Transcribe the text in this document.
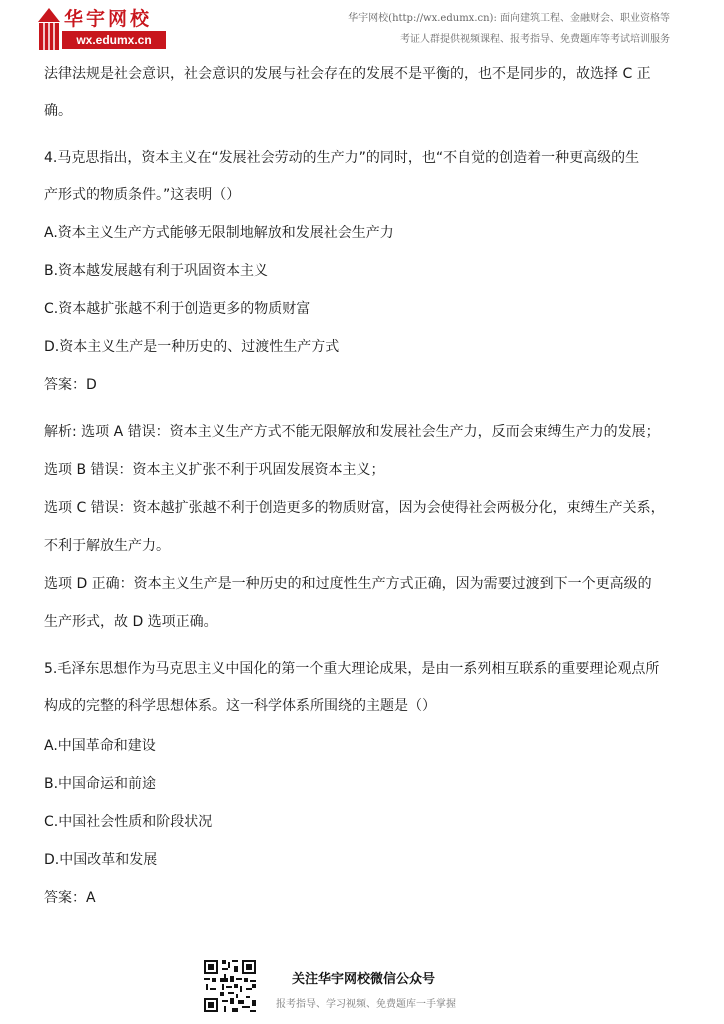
华宇网校
wx.edumx.cn
华宇网校(http://wx.edumx.cn): 面向建筑工程、金融财会、职业资格等
考证人群提供视频课程、报考指导、免费题库等考试培训服务

法律法规是社会意识，社会意识的发展与社会存在的发展不是平衡的，也不是同步的，故选择 C 正

确。

4.马克思指出，资本主义在“发展社会劳动的生产力”的同时，也“不自觉的创造着一种更高级的生

产形式的物质条件。”这表明（）

A.资本主义生产方式能够无限制地解放和发展社会生产力

B.资本越发展越有利于巩固资本主义

C.资本越扩张越不利于创造更多的物质财富

D.资本主义生产是一种历史的、过渡性生产方式

答案：D

解析: 选项 A 错误：资本主义生产方式不能无限解放和发展社会生产力，反而会束缚生产力的发展；

选项 B 错误：资本主义扩张不利于巩固发展资本主义；

选项 C 错误：资本越扩张越不利于创造更多的物质财富，因为会使得社会两极分化，束缚生产关系，

不利于解放生产力。

选项 D 正确：资本主义生产是一种历史的和过度性生产方式正确，因为需要过渡到下一个更高级的

生产形式，故 D 选项正确。

5.毛泽东思想作为马克思主义中国化的第一个重大理论成果，是由一系列相互联系的重要理论观点所

构成的完整的科学思想体系。这一科学体系所围绕的主题是（）

A.中国革命和建设

B.中国命运和前途

C.中国社会性质和阶段状况

D.中国改革和发展

答案：A

关注华宇网校微信公众号
报考指导、学习视频、免费题库一手掌握
